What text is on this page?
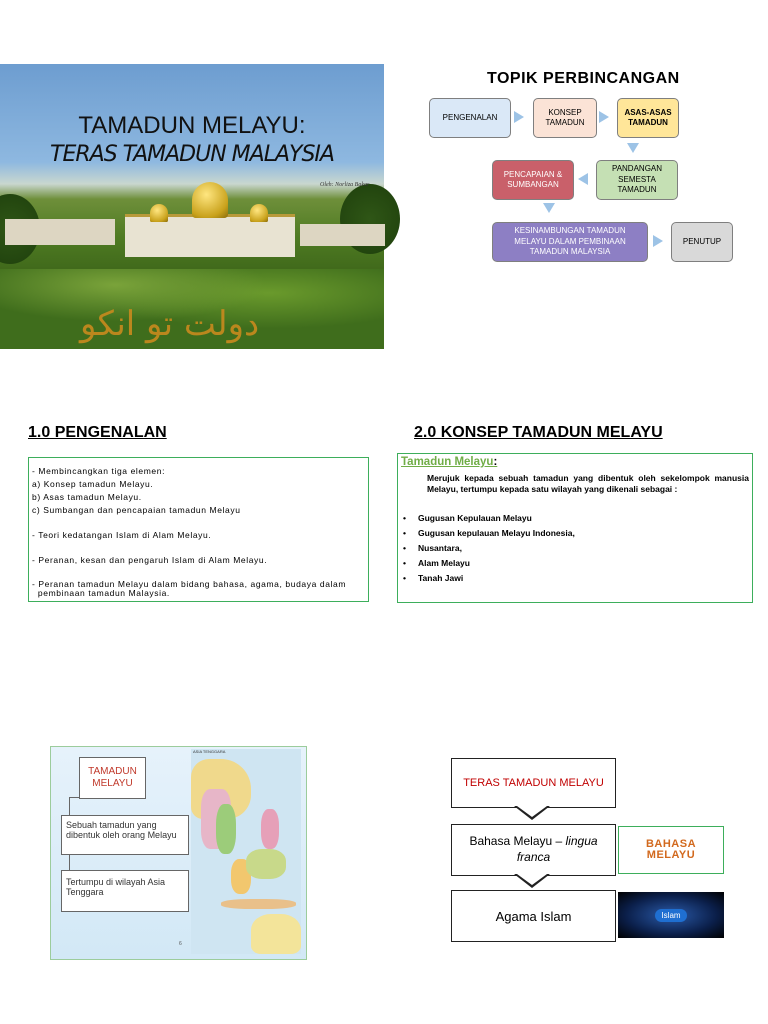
دولت تو انكو
TAMADUN MELAYU:
TERAS TAMADUN MALAYSIA
Oleh: Norliza Bakar
TOPIK PERBINCANGAN
PENGENALAN
KONSEP TAMADUN
ASAS-ASAS TAMADUN
PANDANGAN SEMESTA TAMADUN
PENCAPAIAN & SUMBANGAN
KESINAMBUNGAN TAMADUN MELAYU DALAM PEMBINAAN TAMADUN MALAYSIA
PENUTUP
1.0 PENGENALAN
- Membincangkan tiga elemen:
a) Konsep tamadun Melayu.
b) Asas tamadun Melayu.
c) Sumbangan dan pencapaian tamadun Melayu
- Teori kedatangan Islam di Alam Melayu.
- Peranan, kesan dan pengaruh Islam di Alam Melayu.
- Peranan tamadun Melayu dalam bidang bahasa, agama, budaya dalam
pembinaan tamadun Malaysia.
2.0 KONSEP TAMADUN MELAYU
Tamadun Melayu:
Merujuk kepada sebuah tamadun yang dibentuk oleh sekelompok manusia Melayu, tertumpu kepada satu wilayah yang dikenali sebagai :
• Gugusan Kepulauan Melayu
• Gugusan kepulauan Melayu Indonesia,
• Nusantara,
• Alam Melayu
• Tanah Jawi
TAMADUN MELAYU
Sebuah tamadun yang dibentuk oleh orang Melayu
Tertumpu di wilayah Asia Tenggara
ASIA TENGGARA
6
TERAS TAMADUN MELAYU
Bahasa Melayu – lingua franca
Agama Islam
BAHASA MELAYU
Islam
